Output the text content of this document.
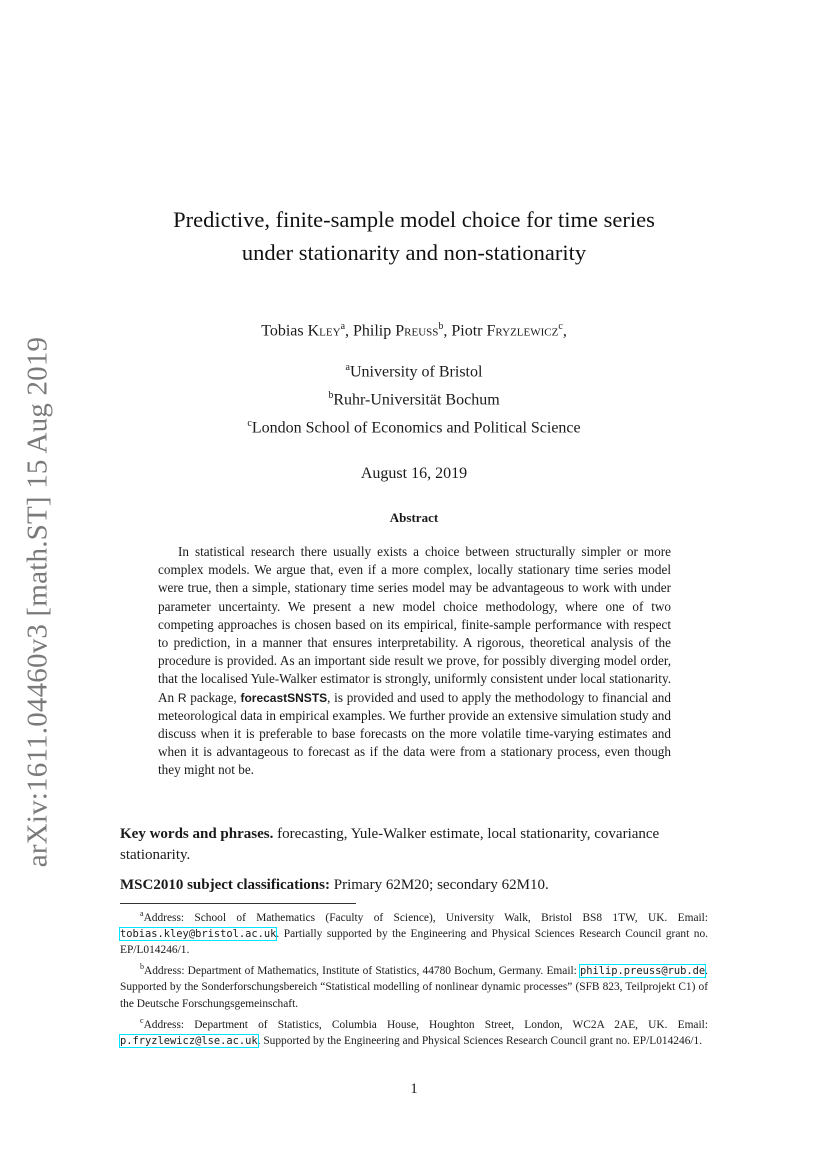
arXiv:1611.04460v3 [math.ST] 15 Aug 2019
Predictive, finite-sample model choice for time series
under stationarity and non-stationarity
Tobias Kley$^a$, Philip Preuß$^b$, Piotr Fryzlewicz$^c$,
$^a$University of Bristol
$^b$Ruhr-Universität Bochum
$^c$London School of Economics and Political Science
August 16, 2019
Abstract
In statistical research there usually exists a choice between structurally simpler or more complex models. We argue that, even if a more complex, locally stationary time series model were true, then a simple, stationary time series model may be advantageous to work with under parameter uncertainty. We present a new model choice methodology, where one of two competing approaches is chosen based on its empirical, finite-sample performance with respect to prediction, in a manner that ensures interpretability. A rigorous, theoretical analysis of the procedure is provided. As an important side result we prove, for possibly diverging model order, that the localised Yule-Walker estimator is strongly, uniformly consistent under local stationarity. An R package, forecastSNSTS, is provided and used to apply the methodology to financial and meteorological data in empirical examples. We further provide an extensive simulation study and discuss when it is preferable to base forecasts on the more volatile time-varying estimates and when it is advantageous to forecast as if the data were from a stationary process, even though they might not be.
Key words and phrases. forecasting, Yule-Walker estimate, local stationarity, covariance stationarity.
MSC2010 subject classifications: Primary 62M20; secondary 62M10.

$^a$Address: School of Mathematics (Faculty of Science), University Walk, Bristol BS8 1TW, UK. Email: tobias.kley@bristol.ac.uk. Partially supported by the Engineering and Physical Sciences Research Council grant no. EP/L014246/1.

$^b$Address: Department of Mathematics, Institute of Statistics, 44780 Bochum, Germany. Email: philip.preuss@rub.de. Supported by the Sonderforschungsbereich “Statistical modelling of nonlinear dynamic processes” (SFB 823, Teilprojekt C1) of the Deutsche Forschungsgemeinschaft.

$^c$Address: Department of Statistics, Columbia House, Houghton Street, London, WC2A 2AE, UK. Email: p.fryzlewicz@lse.ac.uk. Supported by the Engineering and Physical Sciences Research Council grant no. EP/L014246/1.

1
